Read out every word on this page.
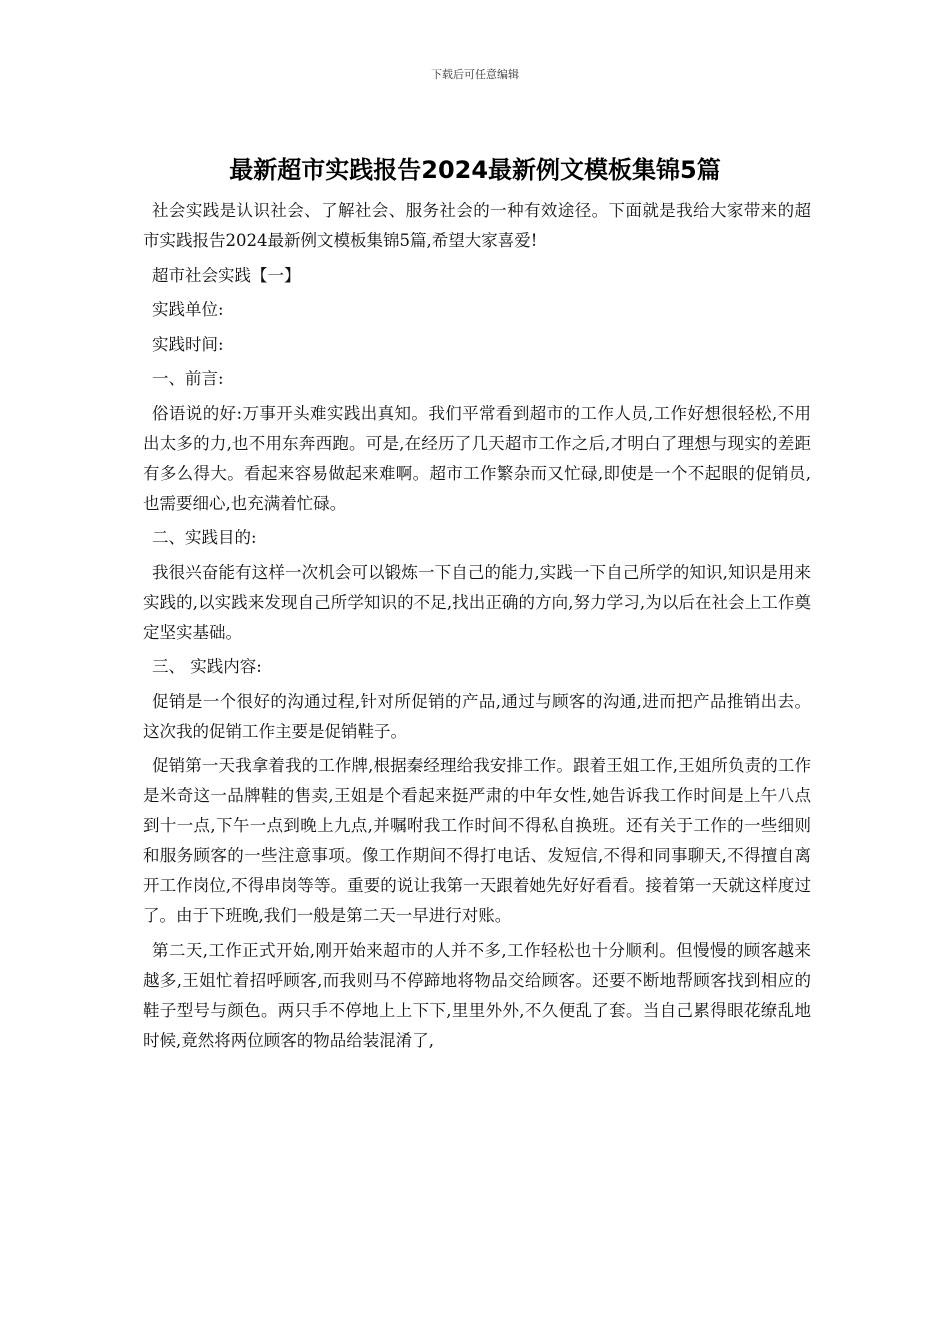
下载后可任意编辑
最新超市实践报告2024最新例文模板集锦5篇

社会实践是认识社会、了解社会、服务社会的一种有效途径。下面就是我给大家带来的超市实践报告2024最新例文模板集锦5篇,希望大家喜爱!

超市社会实践【一】

实践单位:

实践时间:

一、前言:

俗语说的好:万事开头难实践出真知。我们平常看到超市的工作人员,工作好想很轻松,不用出太多的力,也不用东奔西跑。可是,在经历了几天超市工作之后,才明白了理想与现实的差距有多么得大。看起来容易做起来难啊。超市工作繁杂而又忙碌,即使是一个不起眼的促销员,也需要细心,也充满着忙碌。

二、实践目的:

我很兴奋能有这样一次机会可以锻炼一下自己的能力,实践一下自己所学的知识,知识是用来实践的,以实践来发现自己所学知识的不足,找出正确的方向,努力学习,为以后在社会上工作奠定坚实基础。

三、 实践内容:

促销是一个很好的沟通过程,针对所促销的产品,通过与顾客的沟通,进而把产品推销出去。这次我的促销工作主要是促销鞋子。

促销第一天我拿着我的工作牌,根据秦经理给我安排工作。跟着王姐工作,王姐所负责的工作是米奇这一品牌鞋的售卖,王姐是个看起来挺严肃的中年女性,她告诉我工作时间是上午八点到十一点,下午一点到晚上九点,并嘱咐我工作时间不得私自换班。还有关于工作的一些细则和服务顾客的一些注意事项。像工作期间不得打电话、发短信,不得和同事聊天,不得擅自离开工作岗位,不得串岗等等。重要的说让我第一天跟着她先好好看看。接着第一天就这样度过了。由于下班晚,我们一般是第二天一早进行对账。

第二天,工作正式开始,刚开始来超市的人并不多,工作轻松也十分顺利。但慢慢的顾客越来越多,王姐忙着招呼顾客,而我则马不停蹄地将物品交给顾客。还要不断地帮顾客找到相应的鞋子型号与颜色。两只手不停地上上下下,里里外外,不久便乱了套。当自己累得眼花缭乱地时候,竟然将两位顾客的物品给装混淆了,
